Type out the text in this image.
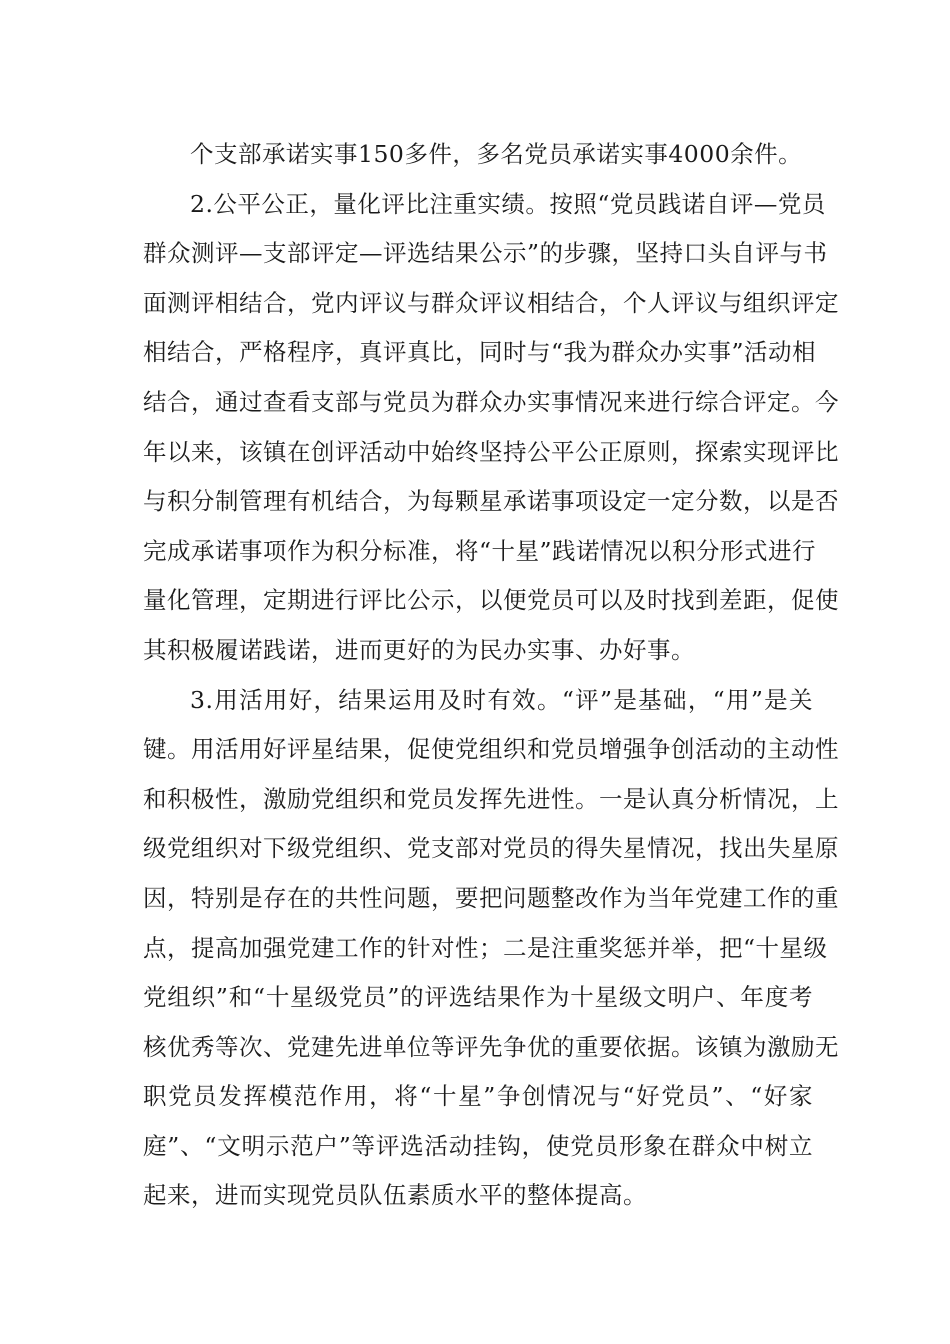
个支部承诺实事150多件，多名党员承诺实事4000余件。
2.公平公正，量化评比注重实绩。按照“党员践诺自评—党员
群众测评—支部评定—评选结果公示”的步骤，坚持口头自评与书
面测评相结合，党内评议与群众评议相结合，个人评议与组织评定
相结合，严格程序，真评真比，同时与“我为群众办实事”活动相
结合，通过查看支部与党员为群众办实事情况来进行综合评定。今
年以来，该镇在创评活动中始终坚持公平公正原则，探索实现评比
与积分制管理有机结合，为每颗星承诺事项设定一定分数，以是否
完成承诺事项作为积分标准，将“十星”践诺情况以积分形式进行
量化管理，定期进行评比公示，以便党员可以及时找到差距，促使
其积极履诺践诺，进而更好的为民办实事、办好事。
3.用活用好，结果运用及时有效。“评”是基础，“用”是关
键。用活用好评星结果，促使党组织和党员增强争创活动的主动性
和积极性，激励党组织和党员发挥先进性。一是认真分析情况，上
级党组织对下级党组织、党支部对党员的得失星情况，找出失星原
因，特别是存在的共性问题，要把问题整改作为当年党建工作的重
点，提高加强党建工作的针对性；二是注重奖惩并举，把“十星级
党组织”和“十星级党员”的评选结果作为十星级文明户、年度考
核优秀等次、党建先进单位等评先争优的重要依据。该镇为激励无
职党员发挥模范作用，将“十星”争创情况与“好党员”、“好家
庭”、“文明示范户”等评选活动挂钩，使党员形象在群众中树立
起来，进而实现党员队伍素质水平的整体提高。
